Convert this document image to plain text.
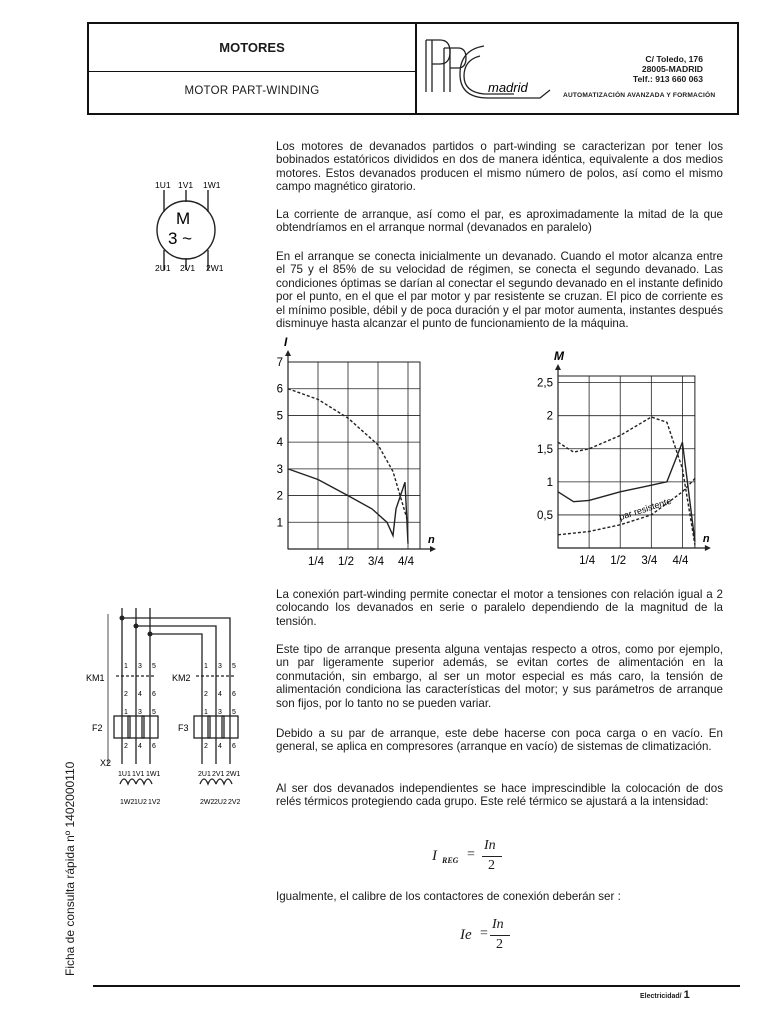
MOTORES
MOTOR PART-WINDING	madrid
C/ Toledo, 176
28005-MADRID
Telf.: 913 660 063
AUTOMATIZACIÓN AVANZADA Y FORMACIÓN
1U1 1V1 1W1
M
3 ~
2U1 2V1 2W1

Los motores de devanados partidos o part-winding se caracterizan por tener los bobinados estatóricos divididos en dos de manera idéntica, equivalente a dos medios motores. Estos devanados producen el mismo número de polos, así como el mismo campo magnético giratorio.

La corriente de arranque, así como el par, es aproximadamente la mitad de la que obtendríamos en el arranque normal (devanados en paralelo)

En el arranque se conecta inicialmente un devanado. Cuando el motor alcanza entre el 75 y el 85% de su velocidad de régimen, se conecta el segundo devanado. Las condiciones óptimas se darían al conectar el segundo devanado en el instante definido por el punto, en el que el par motor y par resistente se cruzan. El pico de corriente es el mínimo posible, débil y de poca duración y el par motor aumenta, instantes después disminuye hasta alcanzar el punto de funcionamiento de la máquina.

La conexión part-winding permite conectar el motor a tensiones con relación igual a 2 colocando los devanados en serie o paralelo dependiendo de la magnitud de la tensión.

Este tipo de arranque presenta alguna ventajas respecto a otros, como por ejemplo, un par ligeramente superior además, se evitan cortes de alimentación en la conmutación, sin embargo, al ser un motor especial es más caro, la tensión de alimentación condiciona las características del motor; y sus parámetros de arranque son fijos, por lo tanto no se pueden variar.

Debido a su par de arranque, este debe hacerse con poca carga o en vacío. En general, se aplica en compresores (arranque en vacío) de sistemas de climatización.

Al ser dos devanados independientes se hace imprescindible la colocación de dos relés térmicos protegiendo cada grupo. Este relé térmico se ajustará a la intensidad:

Igualmente, el calibre de los contactores de conexión deberán ser :

I REG =
In
2
Ie =
In
2
1
2
3
4
5
6
7
1/4 1/2 3/4 4/4
I
n
0,5
1
1,5
2
2,5
1/4 1/2 3/4 4/4
M
n
par resistente
KM1	KM2
F2	F3
X2
1 3 5	1 3 5
2 4 6	2 4 6
1 3 5	1 3 5
2 4 6	2 4 6
1U1 1V1 1W1	2U1 2V1 2W1
1W2 1U2 1V2	2W2 2U2 2V2
Ficha de consulta rápida nº 1402000110
Electricidad/ 1
